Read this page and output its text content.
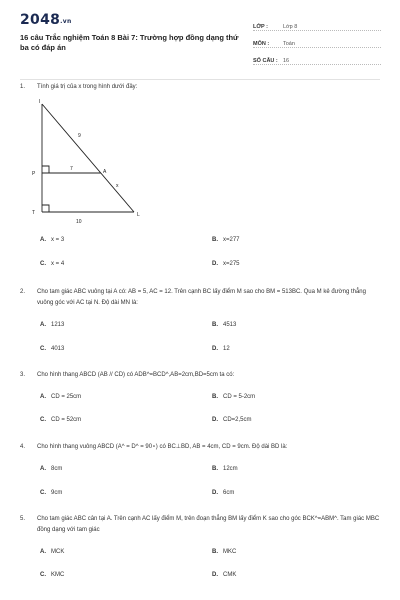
2048.vn
16 câu Trắc nghiệm Toán 8 Bài 7: Trường hợp đồng dạng thứ ba có đáp án
LỚP :	Lớp 8
MÔN :	Toán
SỐ CÂU : 16
1.	Tính giá trị của x trong hình dưới đây:
I
P
T
A
L
9
7
x
10
A. x = 3	B. x=277
C. x = 4	D. x=275
2.	Cho tam giác ABC vuông tại A có: AB = 5, AC = 12. Trên cạnh BC lấy điểm M sao cho BM = 513BC. Qua M kẻ đường thẳng vuông góc với AC tại N. Độ dài MN là:
A. 1213	B. 4513
C. 4013	D. 12
3.	Cho hình thang ABCD (AB // CD) có ADB^=BCD^,AB=2cm,BD=5cm ta có:
A. CD = 25cm	B. CD = 5-2cm
C. CD = 52cm	D. CD=2,5cm
4.	Cho hình thang vuông ABCD (A^ = D^ = 90∘) có BC⊥BD, AB = 4cm, CD = 9cm. Độ dài BD là:
A. 8cm	B. 12cm
C. 9cm	D. 6cm
5.	Cho tam giác ABC cân tại A. Trên cạnh AC lấy điểm M, trên đoạn thẳng BM lấy điểm K sao cho góc BCK^=ABM^. Tam giác MBC đồng dạng với tam giác
A. MCK	B. MKC
C. KMC	D. CMK
